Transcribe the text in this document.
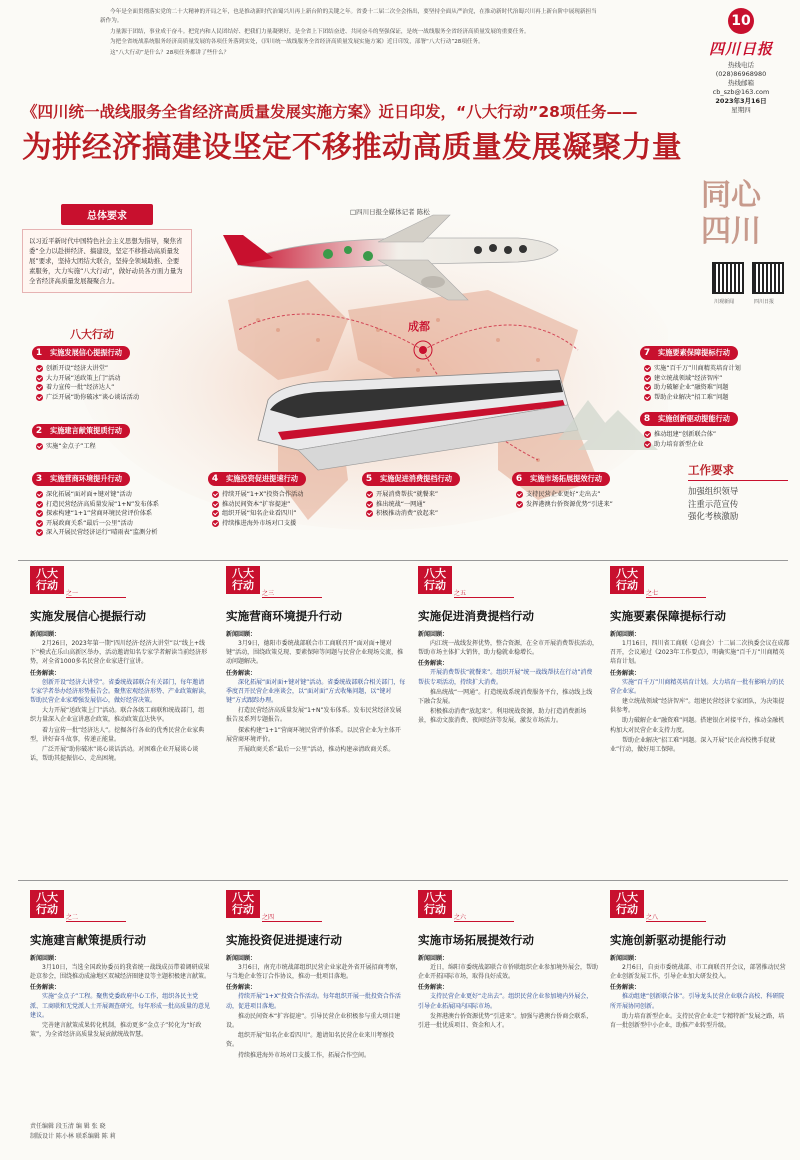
今年是全面贯彻落实党的二十大精神的开局之年，也是推动新时代治蜀兴川再上新台阶的关键之年。省委十二届二次全会指出，要坚持全面从严治党，在推动新时代治蜀兴川再上新台阶中展现新担当新作为。

力量源于团结，事业成于奋斗。把党内和人民团结好、把我们力量凝聚好，是全省上下团结奋进、共同奋斗的坚强保证，是统一战线服务全省经济高质量发展的重要任务。

为把全省统战系统服务经济高质量发展的各项任务落到实处，《四川统一战线服务全省经济高质量发展实施方案》近日印发，部署“八大行动”28项任务。

这“八大行动”是什么？28项任务都讲了些什么？

10
四川日报
热线电话
(028)86968980
热线邮箱
cb_szb@163.com
2023年3月16日
星期四
《四川统一战线服务全省经济高质量发展实施方案》近日印发，“八大行动”28项任务——
为拼经济搞建设坚定不移推动高质量发展凝聚力量
□四川日报全媒体记者 陈松
成都
同心
四川
川观新闻	四川日报
总体要求
以习近平新时代中国特色社会主义思想为指导，聚焦省委“全力以赴拼经济、搞建设，坚定不移推动高质量发展”要求，坚持大团结大联合，坚持全领域助推、全要素服务，大力实施“八大行动”，做好动员各方面力量为全省经济高质量发展凝聚合力。
八大行动
1	实施发展信心提振行动
创新开设“经济大讲堂”
大力开展“送政策上门”活动
着力宣传一批“经济达人”
广泛开展“助你破冰”谈心谈话活动
2	实施建言献策提质行动
实施“金点子”工程
3	实施营商环境提升行动
深化拓展“面对面+键对键”活动
打造民营经济高质量发展“1+N”发布体系
探索构建“1+1”营商环境民营评价体系
开展政商关系“最后一公里”活动
深入开展民营经济运行“晴雨表”监测分析
4	实施投资促进提速行动
持续开展“1+X”投资合作活动
推动民间资本“扩容提速”
组织开展“知名企业看四川”
持续推进海外市场对口支援
5	实施促进消费提档行动
开展消费帮扶“就餐来”
推出统战“一网通”
积极推动消费“放起来”
6	实施市场拓展提效行动
支持民营企业更好“走出去”
发挥港澳台侨资源优势“引进来”
7	实施要素保障提标行动
实施“百千万”川商精英培育计划
建立统战领域“经济智库”
助力破解企业“融资难”问题
帮助企业解决“招工难”问题
8	实施创新驱动提能行动
推动组建“创新联合体”
助力培育新型企业
工作要求
加强组织领导
注重示范宣传
强化考核激励
八大行动
之一
实施发展信心提振行动
新闻回顾：

2月26日，2023年第一期“四川经济·经济大讲堂”以“线上+线下”模式在乐山高新区举办，活动邀请知名专家学者解读当前经济形势，对全省1000多名民营企业家进行宣讲。

任务解读：

创新开设“经济大讲堂”。省委统战部联合有关部门，每年邀请专家学者举办经济形势报告会。聚焦宏观经济形势、产业政策解读，帮助民营企业家增强发展信心，做好经营决策。

大力开展“送政策上门”活动。联合各级工商联和统战部门，组织力量深入企业宣讲惠企政策，推动政策直达快享。

着力宣传一批“经济达人”。挖掘各行各业的优秀民营企业家典型，讲好奋斗故事，传递正能量。

广泛开展“助你破冰”谈心谈话活动。对困难企业开展谈心谈话，帮助其提振信心、走出困境。

八大行动
之三
实施营商环境提升行动
新闻回顾：

3月9日，德阳市委统战部联合市工商联召开“面对面+键对键”活动，围绕政策兑现、要素保障等问题与民营企业现场交流，推动问题解决。

任务解读：

深化拓展“面对面+键对键”活动。省委统战部联合相关部门，每季度召开民营企业座谈会，以“面对面”方式收集问题，以“键对键”方式跟踪办理。

打造民营经济高质量发展“1+N”发布体系。发布民营经济发展报告及系列专题报告。

探索构建“1+1”营商环境民营评价体系。以民营企业为主体开展营商环境评价。

开展政商关系“最后一公里”活动，推动构建亲清政商关系。

八大行动
之五
实施促进消费提档行动
新闻回顾：

内江统一战线发挥优势，整合资源，在全市开展消费帮扶活动，帮助市场主体扩大销售，助力稳就业稳增长。

任务解读：

开展消费帮扶“就餐来”。组织开展“统一战线帮扶在行动”消费帮扶专项活动，持续扩大消费。

推出统战“一网通”。打造统战系统消费服务平台，推动线上线下融合发展。

积极推动消费“放起来”。利用统战资源，助力打造消费新场景，推动文旅消费、夜间经济等发展，激发市场活力。

八大行动
之七
实施要素保障提标行动
新闻回顾：

1月16日，四川省工商联（总商会）十二届二次执委会议在成都召开，会议通过《2023年工作要点》，明确实施“百千万”川商精英培育计划。

任务解读：

实施“百千万”川商精英培育计划。大力培育一批有影响力的民营企业家。

建立统战领域“经济智库”。组建民营经济专家团队，为决策提供参考。

助力破解企业“融资难”问题。搭建银企对接平台，推动金融机构加大对民营企业支持力度。

帮助企业解决“招工难”问题。深入开展“民企高校携手促就业”行动，做好用工保障。

八大行动
之二
实施建言献策提质行动
新闻回顾：

3月10日，当选全国政协委员的我省统一战线成员带着调研成果赴京参会，围绕推动成渝地区双城经济圈建设等主题积极建言献策。

任务解读：

实施“金点子”工程。聚焦党委政府中心工作，组织各民主党派、工商联和无党派人士开展调查研究，每年形成一批高质量的意见建议。

完善建言献策成果转化机制，推动更多“金点子”转化为“好政策”，为全省经济高质量发展贡献统战智慧。

八大行动
之四
实施投资促进提速行动
新闻回顾：

3月6日，南充市统战部组织民营企业家赴外省开展招商考察，与当地企业签订合作协议，推动一批项目落地。

任务解读：

持续开展“1+X”投资合作活动。每年组织开展一批投资合作活动，促进项目落地。

推动民间资本“扩容提速”。引导民营企业积极参与重大项目建设。

组织开展“知名企业看四川”。邀请知名民营企业来川考察投资。

持续推进海外市场对口支援工作，拓展合作空间。

八大行动
之六
实施市场拓展提效行动
新闻回顾：

近日，绵阳市委统战部联合市侨联组织企业参加境外展会，帮助企业开拓国际市场，取得良好成效。

任务解读：

支持民营企业更好“走出去”。组织民营企业参加境内外展会，引导企业拓展国内国际市场。

发挥港澳台侨资源优势“引进来”。加强与港澳台侨商会联系，引进一批优质项目、资金和人才。

八大行动
之八
实施创新驱动提能行动
新闻回顾：

2月6日，自贡市委统战部、市工商联召开会议，部署推动民营企业创新发展工作，引导企业加大研发投入。

任务解读：

推动组建“创新联合体”。引导龙头民营企业联合高校、科研院所开展协同创新。

助力培育新型企业。支持民营企业走“专精特新”发展之路，培育一批创新型中小企业，助推产业转型升级。

责任编辑 段玉清 编 辑 张 晓
制版设计 陈小林 联系编辑 陈 莉
